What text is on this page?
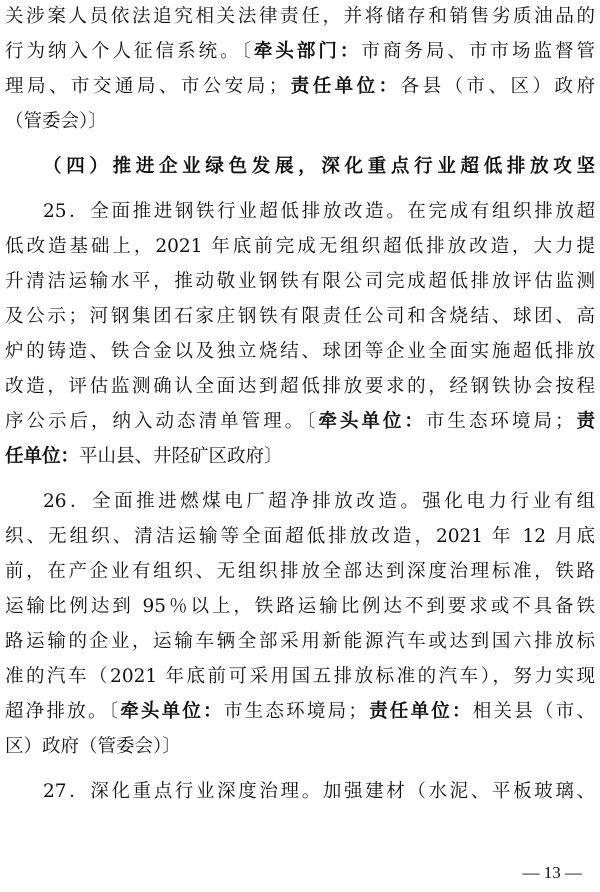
关涉案人员依法追究相关法律责任，并将储存和销售劣质油品的
行为纳入个人征信系统。〔牵头部门：市商务局、市市场监督管
理局、市交通局、市公安局；责任单位：各县（市、区）政府
（管委会）〕
（四）推进企业绿色发展，深化重点行业超低排放攻坚
25．全面推进钢铁行业超低排放改造。在完成有组织排放超
低改造基础上，2021 年底前完成无组织超低排放改造，大力提
升清洁运输水平，推动敬业钢铁有限公司完成超低排放评估监测
及公示；河钢集团石家庄钢铁有限责任公司和含烧结、球团、高
炉的铸造、铁合金以及独立烧结、球团等企业全面实施超低排放
改造，评估监测确认全面达到超低排放要求的，经钢铁协会按程
序公示后，纳入动态清单管理。〔牵头单位：市生态环境局；责
任单位：平山县、井陉矿区政府〕
26．全面推进燃煤电厂超净排放改造。强化电力行业有组
织、无组织、清洁运输等全面超低排放改造，2021 年 12 月底
前，在产企业有组织、无组织排放全部达到深度治理标准，铁路
运输比例达到 95％以上，铁路运输比例达不到要求或不具备铁
路运输的企业，运输车辆全部采用新能源汽车或达到国六排放标
准的汽车（2021 年底前可采用国五排放标准的汽车），努力实现
超净排放。〔牵头单位：市生态环境局；责任单位：相关县（市、
区）政府（管委会）〕
27．深化重点行业深度治理。加强建材（水泥、平板玻璃、
— 13 —
